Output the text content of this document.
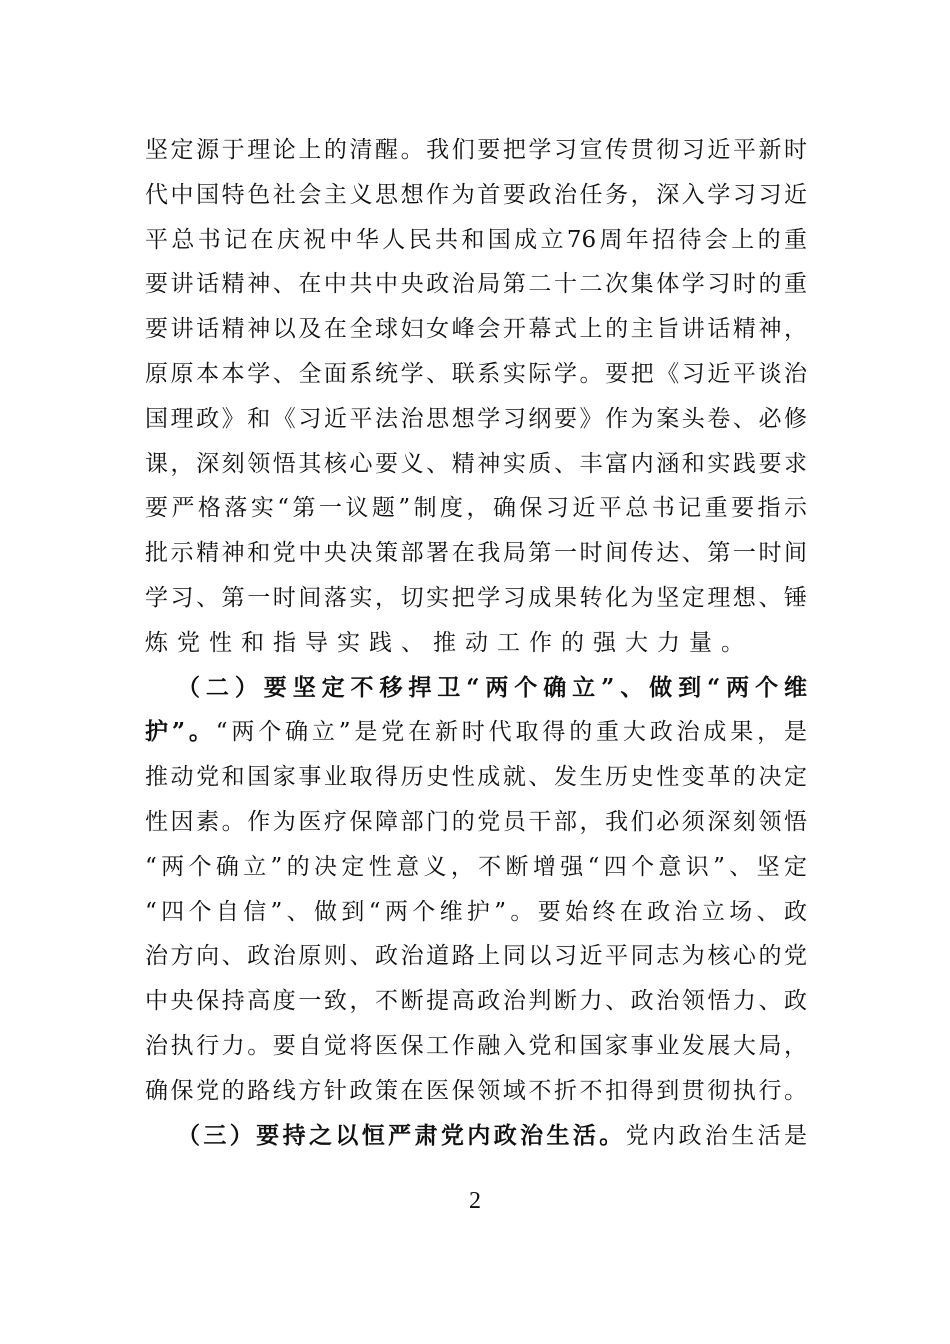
坚定源于理论上的清醒。我们要把学习宣传贯彻习近平新时
代中国特色社会主义思想作为首要政治任务，深入学习习近
平总书记在庆祝中华人民共和国成立76周年招待会上的重
要讲话精神、在中共中央政治局第二十二次集体学习时的重
要讲话精神以及在全球妇女峰会开幕式上的主旨讲话精神，
原原本本学、全面系统学、联系实际学。要把《习近平谈治
国理政》和《习近平法治思想学习纲要》作为案头卷、必修
课，深刻领悟其核心要义、精神实质、丰富内涵和实践要求
要严格落实“第一议题”制度，确保习近平总书记重要指示
批示精神和党中央决策部署在我局第一时间传达、第一时间
学习、第一时间落实，切实把学习成果转化为坚定理想、锤
炼党性和指导实践、推动工作的强大力量。
（二）要坚定不移捍卫“两个确立”、做到“两个维
护”。“两个确立”是党在新时代取得的重大政治成果，是
推动党和国家事业取得历史性成就、发生历史性变革的决定
性因素。作为医疗保障部门的党员干部，我们必须深刻领悟
“两个确立”的决定性意义，不断增强“四个意识”、坚定
“四个自信”、做到“两个维护”。要始终在政治立场、政
治方向、政治原则、政治道路上同以习近平同志为核心的党
中央保持高度一致，不断提高政治判断力、政治领悟力、政
治执行力。要自觉将医保工作融入党和国家事业发展大局，
确保党的路线方针政策在医保领域不折不扣得到贯彻执行。
（三）要持之以恒严肃党内政治生活。党内政治生活是
2
